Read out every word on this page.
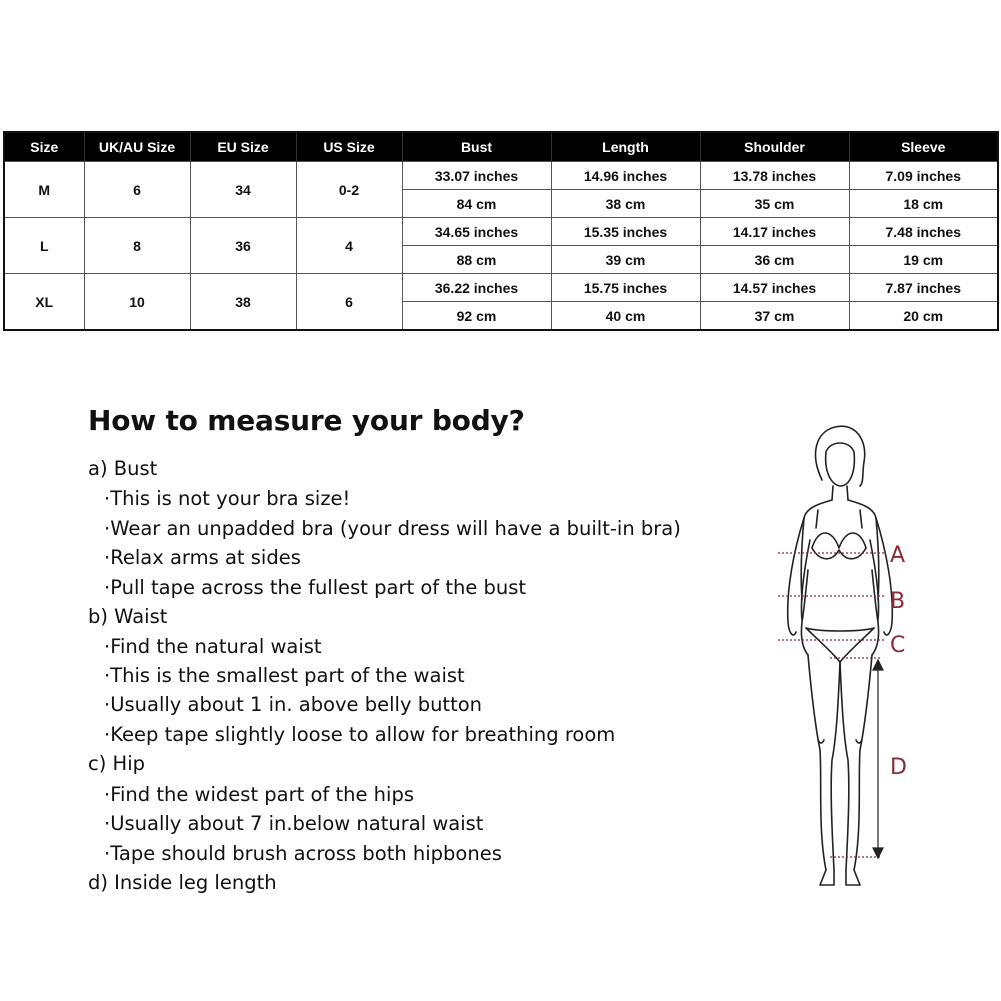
Size	UK/AU Size	EU Size	US Size	Bust	Length	Shoulder	Sleeve
M	6	34	0-2	33.07 inches	14.96 inches	13.78 inches	7.09 inches
				84 cm	38 cm	35 cm	18 cm
L	8	36	4	34.65 inches	15.35 inches	14.17 inches	7.48 inches
				88 cm	39 cm	36 cm	19 cm
XL	10	38	6	36.22 inches	15.75 inches	14.57 inches	7.87 inches
				92 cm	40 cm	37 cm	20 cm
How to measure your body?
a) Bust
·This is not your bra size!
·Wear an unpadded bra (your dress will have a built-in bra)
·Relax arms at sides
·Pull tape across the fullest part of the bust
b) Waist
·Find the natural waist
·This is the smallest part of the waist
·Usually about 1 in. above belly button
·Keep tape slightly loose to allow for breathing room
c) Hip
·Find the widest part of the hips
·Usually about 7 in.below natural waist
·Tape should brush across both hipbones
d) Inside leg length
A
B
C
D
